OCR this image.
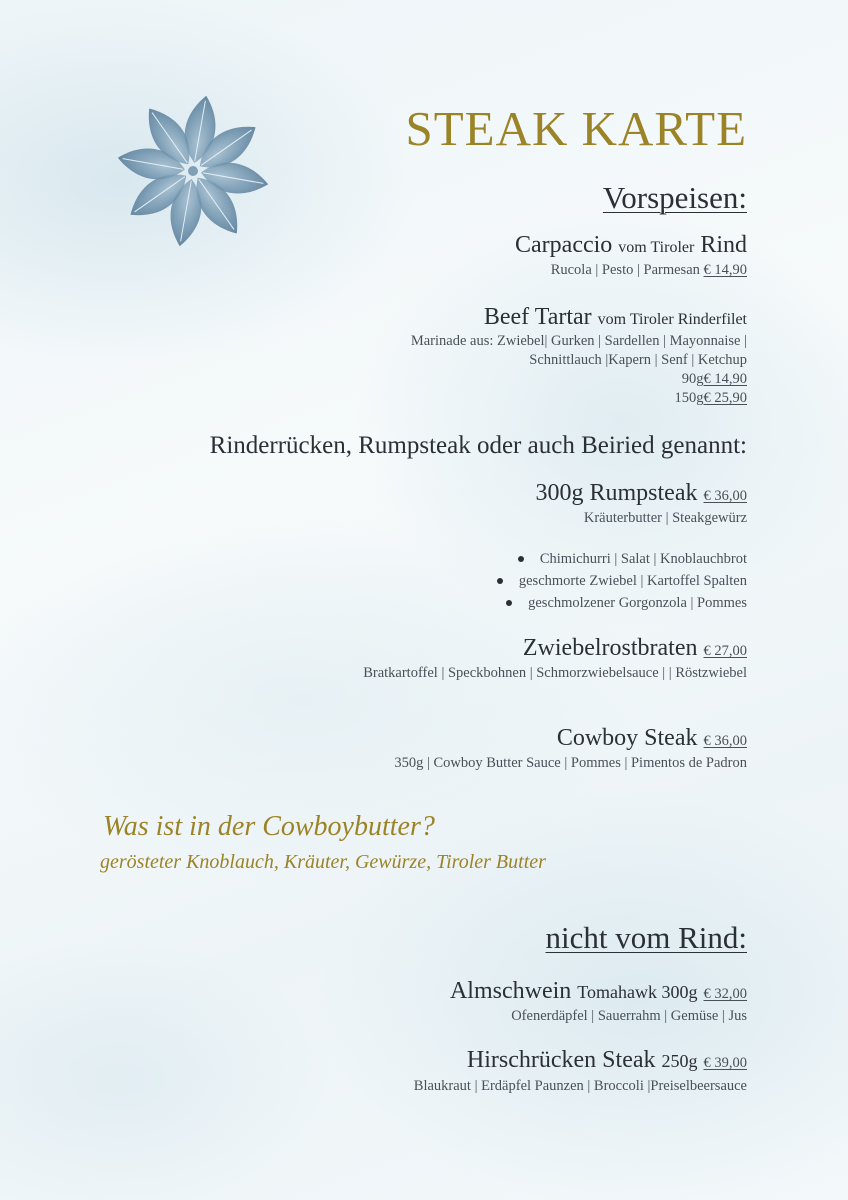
STEAK KARTE
Vorspeisen:
Carpaccio vom Tiroler Rind
Rucola | Pesto | Parmesan € 14,90
Beef Tartar vom Tiroler Rinderfilet
Marinade aus: Zwiebel| Gurken | Sardellen | Mayonnaise |
Schnittlauch |Kapern | Senf | Ketchup
90g€ 14,90
150g€ 25,90
Rinderrücken, Rumpsteak oder auch Beiried genannt:
300g Rumpsteak € 36,00
Kräuterbutter | Steakgewürz
Chimichurri | Salat | Knoblauchbrot
geschmorte Zwiebel | Kartoffel Spalten
geschmolzener Gorgonzola | Pommes
Zwiebelrostbraten € 27,00
Bratkartoffel | Speckbohnen | Schmorzwiebelsauce | | Röstzwiebel
Cowboy Steak € 36,00
350g | Cowboy Butter Sauce | Pommes | Pimentos de Padron
Was ist in der Cowboybutter?
gerösteter Knoblauch, Kräuter, Gewürze, Tiroler Butter
nicht vom Rind:
Almschwein Tomahawk 300g € 32,00
Ofenerdäpfel | Sauerrahm | Gemüse | Jus
Hirschrücken Steak 250g € 39,00
Blaukraut | Erdäpfel Paunzen | Broccoli |Preiselbeersauce
